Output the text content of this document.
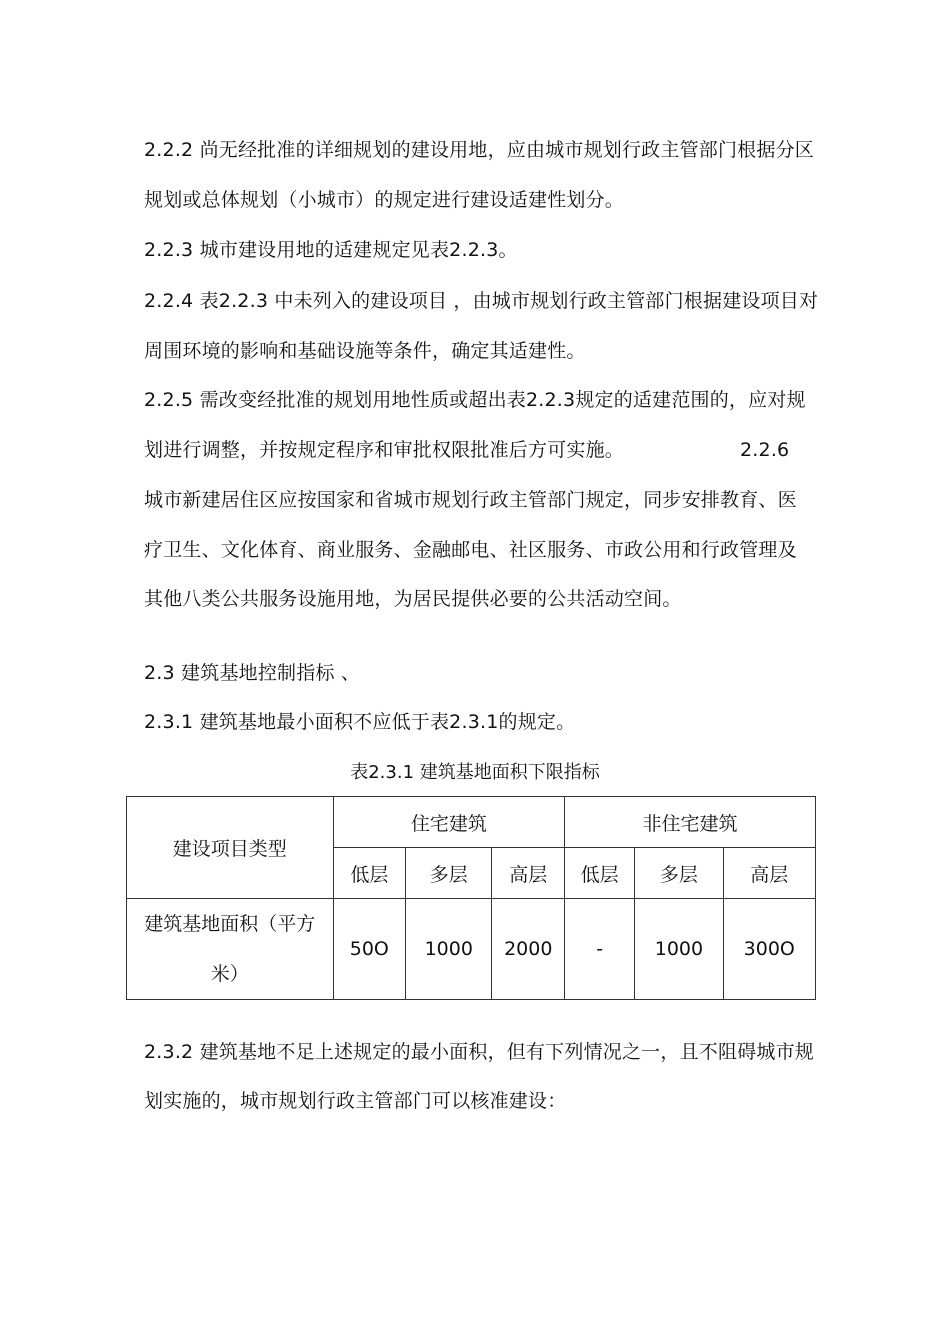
2.2.2 尚无经批准的详细规划的建设用地，应由城市规划行政主管部门根据分区

规划或总体规划（小城市）的规定进行建设适建性划分。

2.2.3 城市建设用地的适建规定见表2.2.3。

2.2.4 表2.2.3 中未列入的建设项目 ，由城市规划行政主管部门根据建设项目对

周围环境的影响和基础设施等条件，确定其适建性。

2.2.5 需改变经批准的规划用地性质或超出表2.2.3规定的适建范围的，应对规

划进行调整，并按规定程序和审批权限批准后方可实施。	2.2.6

城市新建居住区应按国家和省城市规划行政主管部门规定，同步安排教育、医

疗卫生、文化体育、商业服务、金融邮电、社区服务、市政公用和行政管理及

其他八类公共服务设施用地，为居民提供必要的公共活动空间。

2.3 建筑基地控制指标 、

2.3.1 建筑基地最小面积不应低于表2.3.1的规定。

表2.3.1 建筑基地面积下限指标

建设项目类型	住宅建筑			非住宅建筑		
	低层	多层	高层	低层	多层	高层

建筑基地面积（平方米）	50O	1000	2000	-	1000	300O

2.3.2 建筑基地不足上述规定的最小面积，但有下列情况之一，且不阻碍城市规

划实施的，城市规划行政主管部门可以核准建设：
